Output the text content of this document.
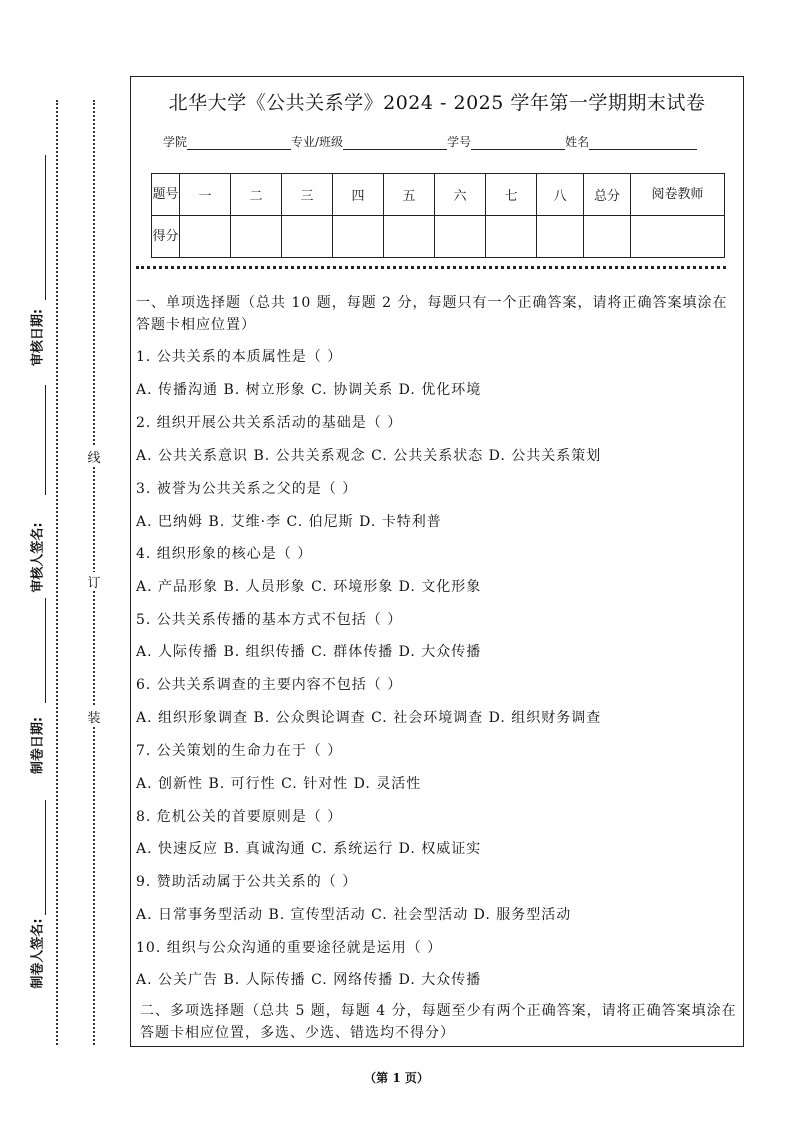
审核日期:
审核人签名:
制卷日期:
制卷人签名:
线
订
装
北华大学《公共关系学》2024 - 2025 学年第一学期期末试卷
学院	专业/班级	学号	姓名
题号	一	二	三	四	五	六	七	八	总分	阅卷教师
得分										
一、单项选择题（总共 10 题，每题 2 分，每题只有一个正确答案，请将正确答案填涂在答题卡相应位置）
1. 公共关系的本质属性是（ ）
A. 传播沟通 B. 树立形象 C. 协调关系 D. 优化环境
2. 组织开展公共关系活动的基础是（ ）
A. 公共关系意识 B. 公共关系观念 C. 公共关系状态 D. 公共关系策划
3. 被誉为公共关系之父的是（ ）
A. 巴纳姆 B. 艾维·李 C. 伯尼斯 D. 卡特利普
4. 组织形象的核心是（ ）
A. 产品形象 B. 人员形象 C. 环境形象 D. 文化形象
5. 公共关系传播的基本方式不包括（ ）
A. 人际传播 B. 组织传播 C. 群体传播 D. 大众传播
6. 公共关系调查的主要内容不包括（ ）
A. 组织形象调查 B. 公众舆论调查 C. 社会环境调查 D. 组织财务调查
7. 公关策划的生命力在于（ ）
A. 创新性 B. 可行性 C. 针对性 D. 灵活性
8. 危机公关的首要原则是（ ）
A. 快速反应 B. 真诚沟通 C. 系统运行 D. 权威证实
9. 赞助活动属于公共关系的（ ）
A. 日常事务型活动 B. 宣传型活动 C. 社会型活动 D. 服务型活动
10. 组织与公众沟通的重要途径就是运用（ ）
A. 公关广告 B. 人际传播 C. 网络传播 D. 大众传播
二、多项选择题（总共 5 题，每题 4 分，每题至少有两个正确答案，请将正确答案填涂在答题卡相应位置，多选、少选、错选均不得分）
（第 1 页）
